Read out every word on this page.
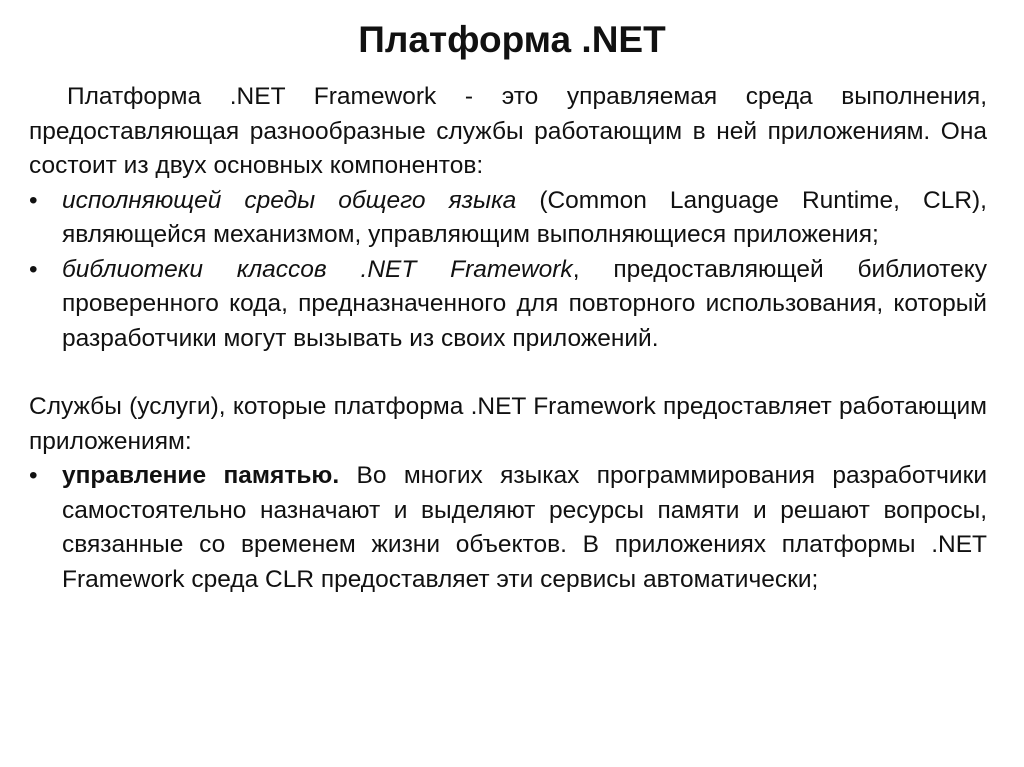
Платформа .NET

Платформа .NET Framework - это управляемая среда выполнения, предоставляющая разнообразные службы работающим в ней приложениям. Она состоит из двух основных компонентов:

• исполняющей среды общего языка (Common Language Runtime, CLR), являющейся механизмом, управляющим выполняющиеся приложения;

• библиотеки классов .NET Framework, предоставляющей библиотеку проверенного кода, предназначенного для повторного использования, который разработчики могут вызывать из своих приложений.

Службы (услуги), которые платформа .NET Framework предоставляет работающим приложениям:

• управление памятью. Во многих языках программирования разработчики самостоятельно назначают и выделяют ресурсы памяти и решают вопросы, связанные со временем жизни объектов. В приложениях платформы .NET Framework среда CLR предоставляет эти сервисы автоматически;
